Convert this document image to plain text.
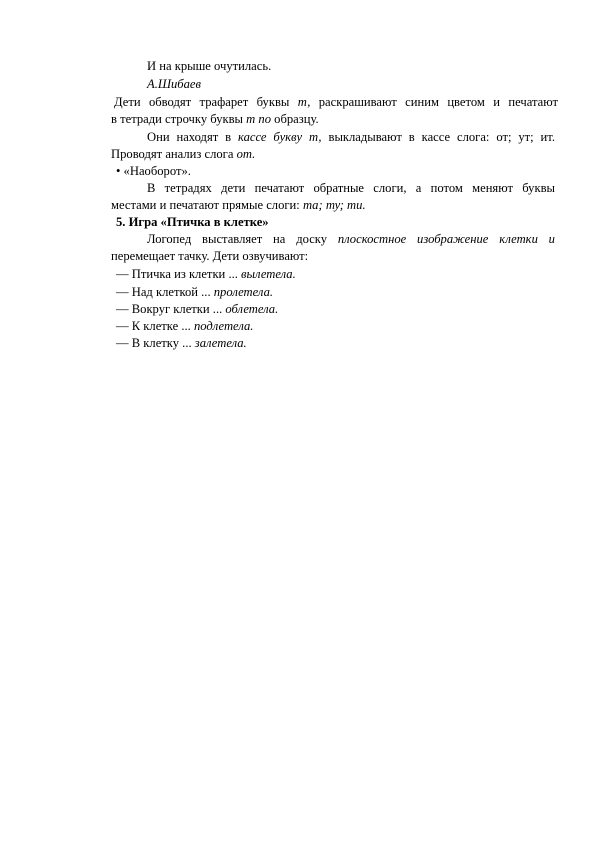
И на крыше очутилась.
А.Шибаев
Дети обводят трафарет буквы т, раскрашивают синим цветом и печатают
в тетради строчку буквы т по образцу.
Они находят в кассе букву т, выкладывают в кассе слога: от; ут; ит.
Проводят анализ слога от.
• «Наоборот».
В тетрадях дети печатают обратные слоги, а потом меняют буквы
местами и печатают прямые слоги: та; ту; ти.
5. Игра «Птичка в клетке»
Логопед выставляет на доску плоскостное изображение клетки и
перемещает тачку. Дети озвучивают:
— Птичка из клетки ... вылетела.
— Над клеткой ... пролетела.
— Вокруг клетки ... облетела.
— К клетке ... подлетела.
— В клетку ... залетела.
